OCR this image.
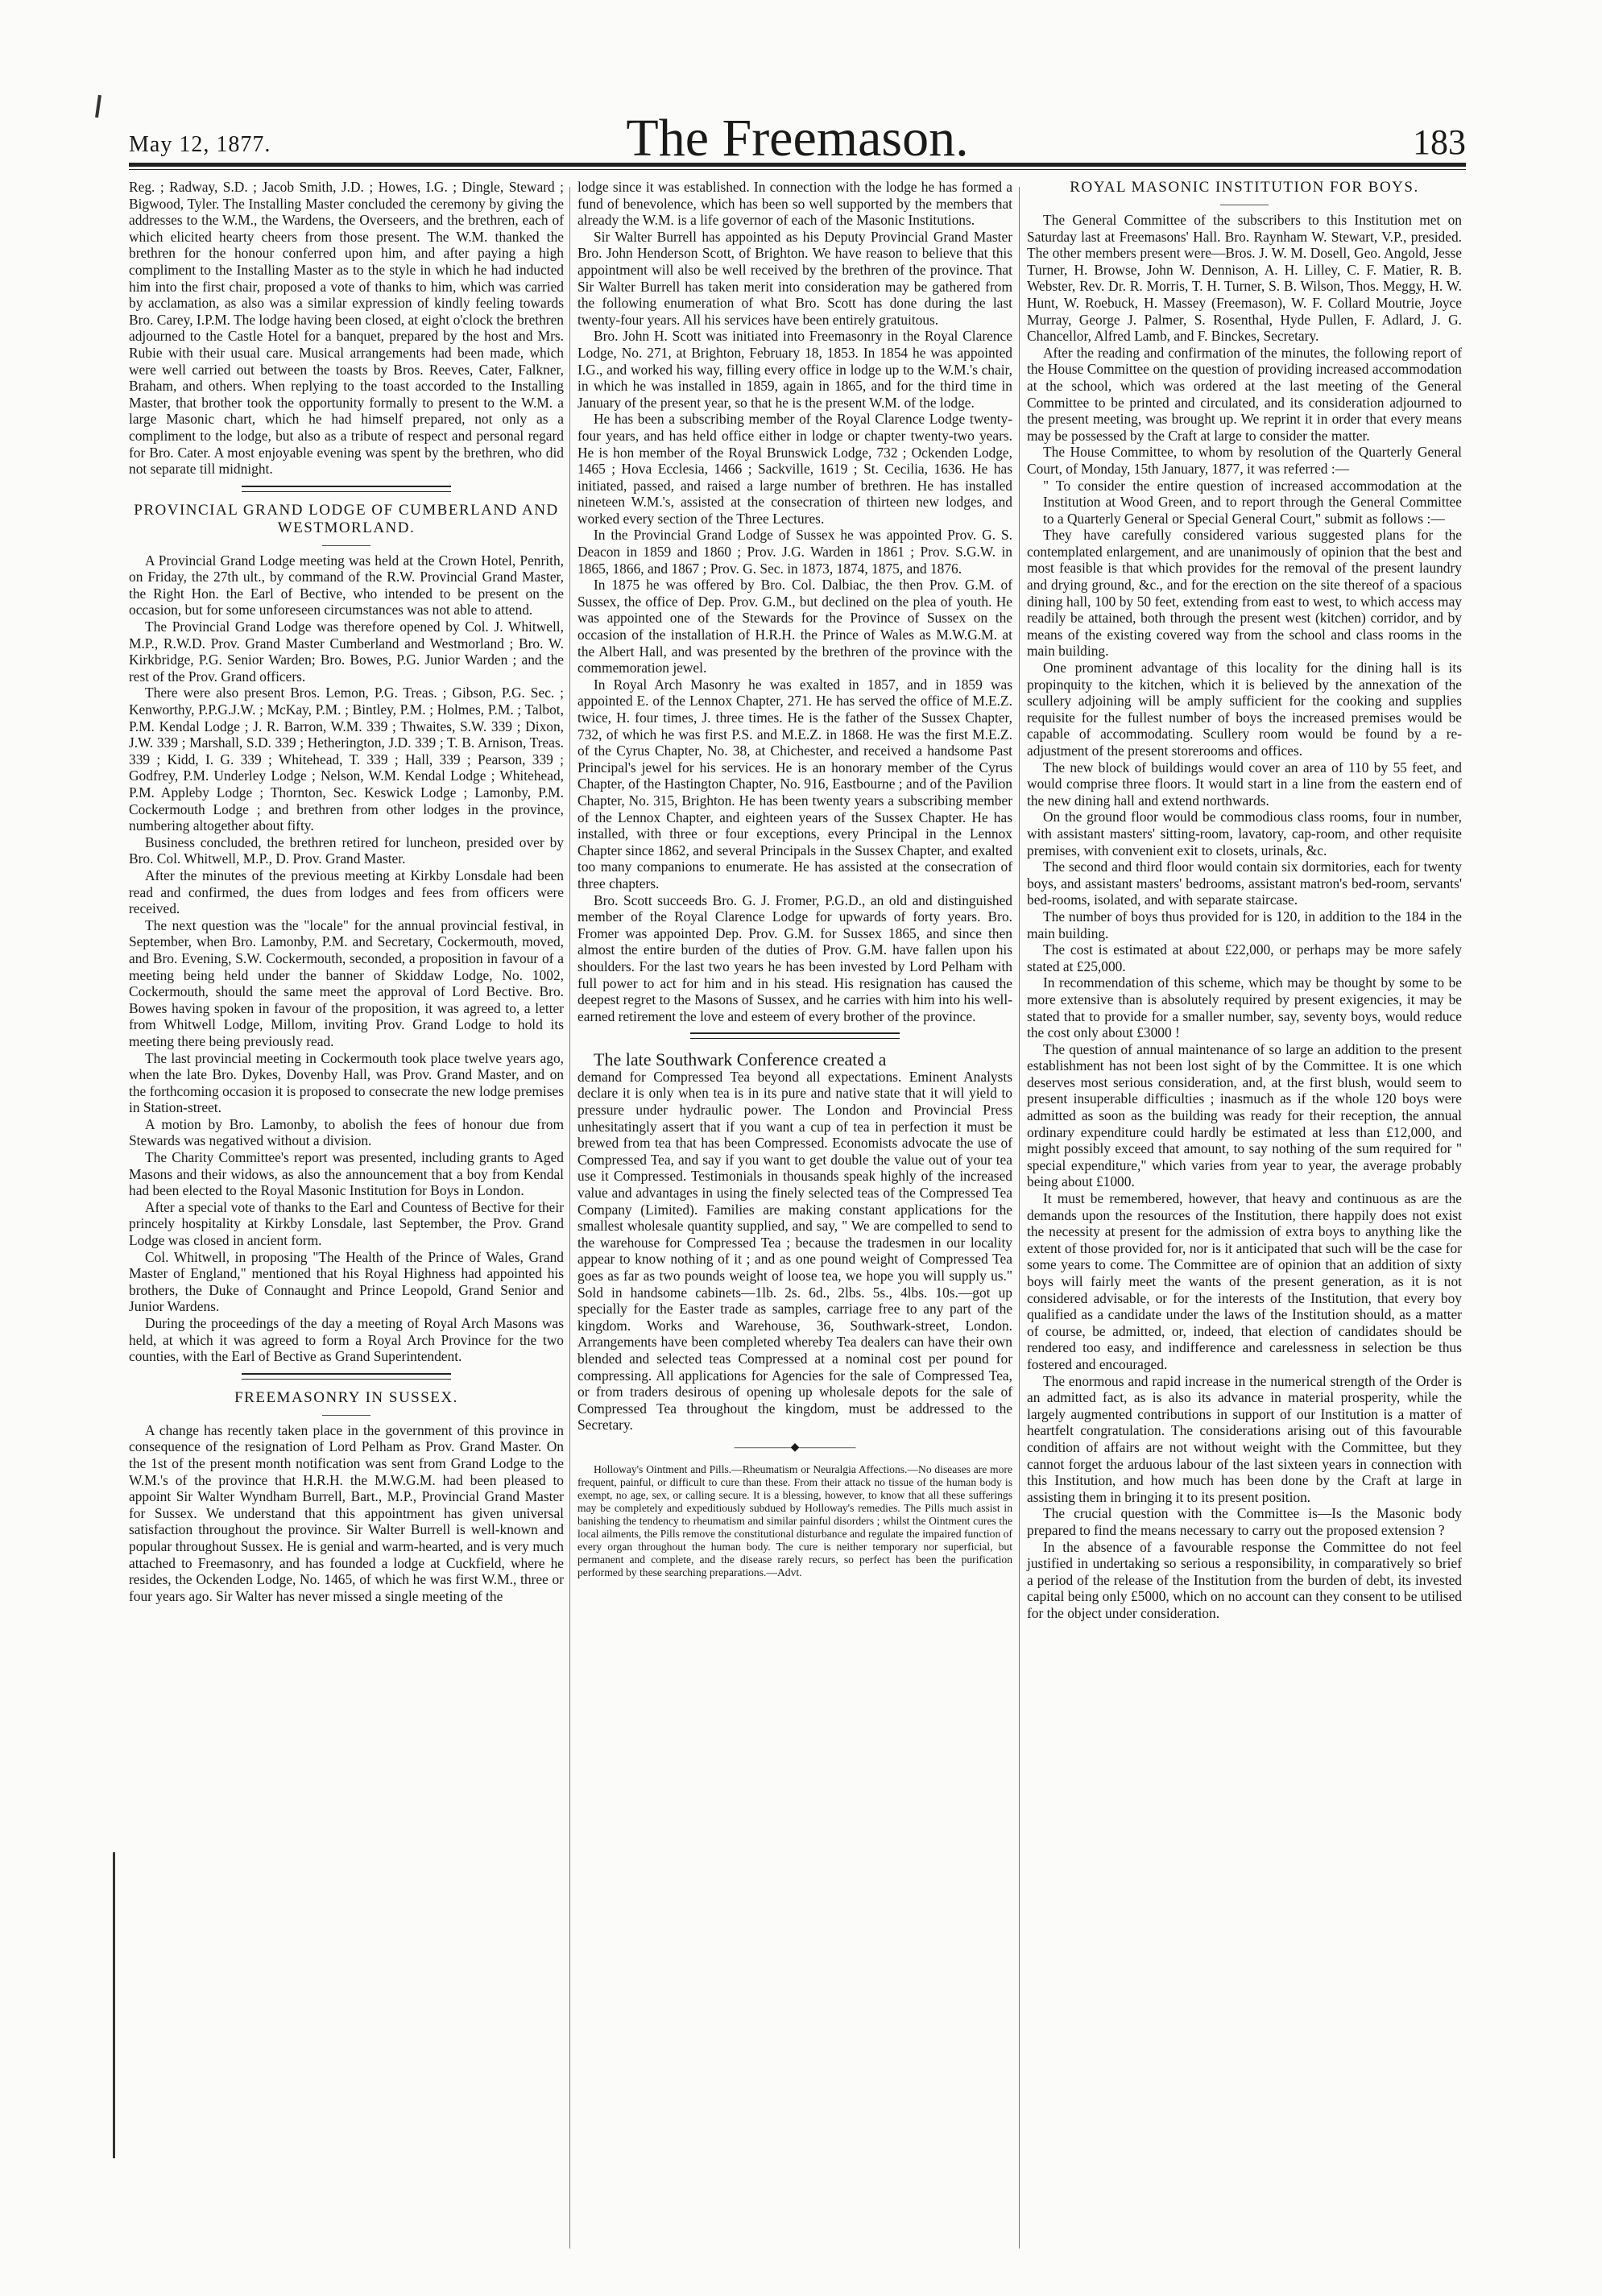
May 12, 1877.	The Freemason.	183

Reg. ; Radway, S.D. ; Jacob Smith, J.D. ; Howes, I.G. ; Dingle, Steward ; Bigwood, Tyler. The Installing Master concluded the ceremony by giving the addresses to the W.M., the Wardens, the Overseers, and the brethren, each of which elicited hearty cheers from those present. The W.M. thanked the brethren for the honour conferred upon him, and after paying a high compliment to the Installing Master as to the style in which he had inducted him into the first chair, proposed a vote of thanks to him, which was carried by acclamation, as also was a similar expression of kindly feeling towards Bro. Carey, I.P.M. The lodge having been closed, at eight o'clock the brethren adjourned to the Castle Hotel for a banquet, prepared by the host and Mrs. Rubie with their usual care. Musical arrangements had been made, which were well carried out between the toasts by Bros. Reeves, Cater, Falkner, Braham, and others. When replying to the toast accorded to the Installing Master, that brother took the opportunity formally to present to the W.M. a large Masonic chart, which he had himself prepared, not only as a compliment to the lodge, but also as a tribute of respect and personal regard for Bro. Cater. A most enjoyable evening was spent by the brethren, who did not separate till midnight.

PROVINCIAL GRAND LODGE OF CUMBERLAND AND WESTMORLAND.

A Provincial Grand Lodge meeting was held at the Crown Hotel, Penrith, on Friday, the 27th ult., by command of the R.W. Provincial Grand Master, the Right Hon. the Earl of Bective, who intended to be present on the occasion, but for some unforeseen circumstances was not able to attend.

The Provincial Grand Lodge was therefore opened by Col. J. Whitwell, M.P., R.W.D. Prov. Grand Master Cumberland and Westmorland ; Bro. W. Kirkbridge, P.G. Senior Warden; Bro. Bowes, P.G. Junior Warden ; and the rest of the Prov. Grand officers.

There were also present Bros. Lemon, P.G. Treas. ; Gibson, P.G. Sec. ; Kenworthy, P.P.G.J.W. ; McKay, P.M. ; Bintley, P.M. ; Holmes, P.M. ; Talbot, P.M. Kendal Lodge ; J. R. Barron, W.M. 339 ; Thwaites, S.W. 339 ; Dixon, J.W. 339 ; Marshall, S.D. 339 ; Hetherington, J.D. 339 ; T. B. Arnison, Treas. 339 ; Kidd, I. G. 339 ; Whitehead, T. 339 ; Hall, 339 ; Pearson, 339 ; Godfrey, P.M. Underley Lodge ; Nelson, W.M. Kendal Lodge ; Whitehead, P.M. Appleby Lodge ; Thornton, Sec. Keswick Lodge ; Lamonby, P.M. Cockermouth Lodge ; and brethren from other lodges in the province, numbering altogether about fifty.

Business concluded, the brethren retired for luncheon, presided over by Bro. Col. Whitwell, M.P., D. Prov. Grand Master.

After the minutes of the previous meeting at Kirkby Lonsdale had been read and confirmed, the dues from lodges and fees from officers were received.

The next question was the "locale" for the annual provincial festival, in September, when Bro. Lamonby, P.M. and Secretary, Cockermouth, moved, and Bro. Evening, S.W. Cockermouth, seconded, a proposition in favour of a meeting being held under the banner of Skiddaw Lodge, No. 1002, Cockermouth, should the same meet the approval of Lord Bective. Bro. Bowes having spoken in favour of the proposition, it was agreed to, a letter from Whitwell Lodge, Millom, inviting Prov. Grand Lodge to hold its meeting there being previously read.

The last provincial meeting in Cockermouth took place twelve years ago, when the late Bro. Dykes, Dovenby Hall, was Prov. Grand Master, and on the forthcoming occasion it is proposed to consecrate the new lodge premises in Station-street.

A motion by Bro. Lamonby, to abolish the fees of honour due from Stewards was negatived without a division.

The Charity Committee's report was presented, including grants to Aged Masons and their widows, as also the announcement that a boy from Kendal had been elected to the Royal Masonic Institution for Boys in London.

After a special vote of thanks to the Earl and Countess of Bective for their princely hospitality at Kirkby Lonsdale, last September, the Prov. Grand Lodge was closed in ancient form.

Col. Whitwell, in proposing "The Health of the Prince of Wales, Grand Master of England," mentioned that his Royal Highness had appointed his brothers, the Duke of Connaught and Prince Leopold, Grand Senior and Junior Wardens.

During the proceedings of the day a meeting of Royal Arch Masons was held, at which it was agreed to form a Royal Arch Province for the two counties, with the Earl of Bective as Grand Superintendent.

FREEMASONRY IN SUSSEX.

A change has recently taken place in the government of this province in consequence of the resignation of Lord Pelham as Prov. Grand Master. On the 1st of the present month notification was sent from Grand Lodge to the W.M.'s of the province that H.R.H. the M.W.G.M. had been pleased to appoint Sir Walter Wyndham Burrell, Bart., M.P., Provincial Grand Master for Sussex. We understand that this appointment has given universal satisfaction throughout the province. Sir Walter Burrell is well-known and popular throughout Sussex. He is genial and warm-hearted, and is very much attached to Freemasonry, and has founded a lodge at Cuckfield, where he resides, the Ockenden Lodge, No. 1465, of which he was first W.M., three or four years ago. Sir Walter has never missed a single meeting of the

lodge since it was established. In connection with the lodge he has formed a fund of benevolence, which has been so well supported by the members that already the W.M. is a life governor of each of the Masonic Institutions.

Sir Walter Burrell has appointed as his Deputy Provincial Grand Master Bro. John Henderson Scott, of Brighton. We have reason to believe that this appointment will also be well received by the brethren of the province. That Sir Walter Burrell has taken merit into consideration may be gathered from the following enumeration of what Bro. Scott has done during the last twenty-four years. All his services have been entirely gratuitous.

Bro. John H. Scott was initiated into Freemasonry in the Royal Clarence Lodge, No. 271, at Brighton, February 18, 1853. In 1854 he was appointed I.G., and worked his way, filling every office in lodge up to the W.M.'s chair, in which he was installed in 1859, again in 1865, and for the third time in January of the present year, so that he is the present W.M. of the lodge.

He has been a subscribing member of the Royal Clarence Lodge twenty-four years, and has held office either in lodge or chapter twenty-two years. He is hon member of the Royal Brunswick Lodge, 732 ; Ockenden Lodge, 1465 ; Hova Ecclesia, 1466 ; Sackville, 1619 ; St. Cecilia, 1636. He has initiated, passed, and raised a large number of brethren. He has installed nineteen W.M.'s, assisted at the consecration of thirteen new lodges, and worked every section of the Three Lectures.

In the Provincial Grand Lodge of Sussex he was appointed Prov. G. S. Deacon in 1859 and 1860 ; Prov. J.G. Warden in 1861 ; Prov. S.G.W. in 1865, 1866, and 1867 ; Prov. G. Sec. in 1873, 1874, 1875, and 1876.

In 1875 he was offered by Bro. Col. Dalbiac, the then Prov. G.M. of Sussex, the office of Dep. Prov. G.M., but declined on the plea of youth. He was appointed one of the Stewards for the Province of Sussex on the occasion of the installation of H.R.H. the Prince of Wales as M.W.G.M. at the Albert Hall, and was presented by the brethren of the province with the commemoration jewel.

In Royal Arch Masonry he was exalted in 1857, and in 1859 was appointed E. of the Lennox Chapter, 271. He has served the office of M.E.Z. twice, H. four times, J. three times. He is the father of the Sussex Chapter, 732, of which he was first P.S. and M.E.Z. in 1868. He was the first M.E.Z. of the Cyrus Chapter, No. 38, at Chichester, and received a handsome Past Principal's jewel for his services. He is an honorary member of the Cyrus Chapter, of the Hastington Chapter, No. 916, Eastbourne ; and of the Pavilion Chapter, No. 315, Brighton. He has been twenty years a subscribing member of the Lennox Chapter, and eighteen years of the Sussex Chapter. He has installed, with three or four exceptions, every Principal in the Lennox Chapter since 1862, and several Principals in the Sussex Chapter, and exalted too many companions to enumerate. He has assisted at the consecration of three chapters.

Bro. Scott succeeds Bro. G. J. Fromer, P.G.D., an old and distinguished member of the Royal Clarence Lodge for upwards of forty years. Bro. Fromer was appointed Dep. Prov. G.M. for Sussex 1865, and since then almost the entire burden of the duties of Prov. G.M. have fallen upon his shoulders. For the last two years he has been invested by Lord Pelham with full power to act for him and in his stead. His resignation has caused the deepest regret to the Masons of Sussex, and he carries with him into his well-earned retirement the love and esteem of every brother of the province.

The late Southwark Conference created a

demand for Compressed Tea beyond all expectations. Eminent Analysts declare it is only when tea is in its pure and native state that it will yield to pressure under hydraulic power. The London and Provincial Press unhesitatingly assert that if you want a cup of tea in perfection it must be brewed from tea that has been Compressed. Economists advocate the use of Compressed Tea, and say if you want to get double the value out of your tea use it Compressed. Testimonials in thousands speak highly of the increased value and advantages in using the finely selected teas of the Compressed Tea Company (Limited). Families are making constant applications for the smallest wholesale quantity supplied, and say, " We are compelled to send to the warehouse for Compressed Tea ; because the tradesmen in our locality appear to know nothing of it ; and as one pound weight of Compressed Tea goes as far as two pounds weight of loose tea, we hope you will supply us." Sold in handsome cabinets—1lb. 2s. 6d., 2lbs. 5s., 4lbs. 10s.—got up specially for the Easter trade as samples, carriage free to any part of the kingdom. Works and Warehouse, 36, Southwark-street, London. Arrangements have been completed whereby Tea dealers can have their own blended and selected teas Compressed at a nominal cost per pound for compressing. All applications for Agencies for the sale of Compressed Tea, or from traders desirous of opening up wholesale depots for the sale of Compressed Tea throughout the kingdom, must be addressed to the Secretary.

—————◆—————

Holloway's Ointment and Pills.—Rheumatism or Neuralgia Affections.—No diseases are more frequent, painful, or difficult to cure than these. From their attack no tissue of the human body is exempt, no age, sex, or calling secure. It is a blessing, however, to know that all these sufferings may be completely and expeditiously subdued by Holloway's remedies. The Pills much assist in banishing the tendency to rheumatism and similar painful disorders ; whilst the Ointment cures the local ailments, the Pills remove the constitutional disturbance and regulate the impaired function of every organ throughout the human body. The cure is neither temporary nor superficial, but permanent and complete, and the disease rarely recurs, so perfect has been the purification performed by these searching preparations.—Advt.

ROYAL MASONIC INSTITUTION FOR BOYS.

The General Committee of the subscribers to this Institution met on Saturday last at Freemasons' Hall. Bro. Raynham W. Stewart, V.P., presided. The other members present were—Bros. J. W. M. Dosell, Geo. Angold, Jesse Turner, H. Browse, John W. Dennison, A. H. Lilley, C. F. Matier, R. B. Webster, Rev. Dr. R. Morris, T. H. Turner, S. B. Wilson, Thos. Meggy, H. W. Hunt, W. Roebuck, H. Massey (Freemason), W. F. Collard Moutrie, Joyce Murray, George J. Palmer, S. Rosenthal, Hyde Pullen, F. Adlard, J. G. Chancellor, Alfred Lamb, and F. Binckes, Secretary.

After the reading and confirmation of the minutes, the following report of the House Committee on the question of providing increased accommodation at the school, which was ordered at the last meeting of the General Committee to be printed and circulated, and its consideration adjourned to the present meeting, was brought up. We reprint it in order that every means may be possessed by the Craft at large to consider the matter.

The House Committee, to whom by resolution of the Quarterly General Court, of Monday, 15th January, 1877, it was referred :—

" To consider the entire question of increased accommodation at the Institution at Wood Green, and to report through the General Committee to a Quarterly General or Special General Court," submit as follows :—

They have carefully considered various suggested plans for the contemplated enlargement, and are unanimously of opinion that the best and most feasible is that which provides for the removal of the present laundry and drying ground, &c., and for the erection on the site thereof of a spacious dining hall, 100 by 50 feet, extending from east to west, to which access may readily be attained, both through the present west (kitchen) corridor, and by means of the existing covered way from the school and class rooms in the main building.

One prominent advantage of this locality for the dining hall is its propinquity to the kitchen, which it is believed by the annexation of the scullery adjoining will be amply sufficient for the cooking and supplies requisite for the fullest number of boys the increased premises would be capable of accommodating. Scullery room would be found by a re-adjustment of the present storerooms and offices.

The new block of buildings would cover an area of 110 by 55 feet, and would comprise three floors. It would start in a line from the eastern end of the new dining hall and extend northwards.

On the ground floor would be commodious class rooms, four in number, with assistant masters' sitting-room, lavatory, cap-room, and other requisite premises, with convenient exit to closets, urinals, &c.

The second and third floor would contain six dormitories, each for twenty boys, and assistant masters' bedrooms, assistant matron's bed-room, servants' bed-rooms, isolated, and with separate staircase.

The number of boys thus provided for is 120, in addition to the 184 in the main building.

The cost is estimated at about £22,000, or perhaps may be more safely stated at £25,000.

In recommendation of this scheme, which may be thought by some to be more extensive than is absolutely required by present exigencies, it may be stated that to provide for a smaller number, say, seventy boys, would reduce the cost only about £3000 !

The question of annual maintenance of so large an addition to the present establishment has not been lost sight of by the Committee. It is one which deserves most serious consideration, and, at the first blush, would seem to present insuperable difficulties ; inasmuch as if the whole 120 boys were admitted as soon as the building was ready for their reception, the annual ordinary expenditure could hardly be estimated at less than £12,000, and might possibly exceed that amount, to say nothing of the sum required for " special expenditure," which varies from year to year, the average probably being about £1000.

It must be remembered, however, that heavy and continuous as are the demands upon the resources of the Institution, there happily does not exist the necessity at present for the admission of extra boys to anything like the extent of those provided for, nor is it anticipated that such will be the case for some years to come. The Committee are of opinion that an addition of sixty boys will fairly meet the wants of the present generation, as it is not considered advisable, or for the interests of the Institution, that every boy qualified as a candidate under the laws of the Institution should, as a matter of course, be admitted, or, indeed, that election of candidates should be rendered too easy, and indifference and carelessness in selection be thus fostered and encouraged.

The enormous and rapid increase in the numerical strength of the Order is an admitted fact, as is also its advance in material prosperity, while the largely augmented contributions in support of our Institution is a matter of heartfelt congratulation. The considerations arising out of this favourable condition of affairs are not without weight with the Committee, but they cannot forget the arduous labour of the last sixteen years in connection with this Institution, and how much has been done by the Craft at large in assisting them in bringing it to its present position.

The crucial question with the Committee is—Is the Masonic body prepared to find the means necessary to carry out the proposed extension ?

In the absence of a favourable response the Committee do not feel justified in undertaking so serious a responsibility, in comparatively so brief a period of the release of the Institution from the burden of debt, its invested capital being only £5000, which on no account can they consent to be utilised for the object under consideration.
